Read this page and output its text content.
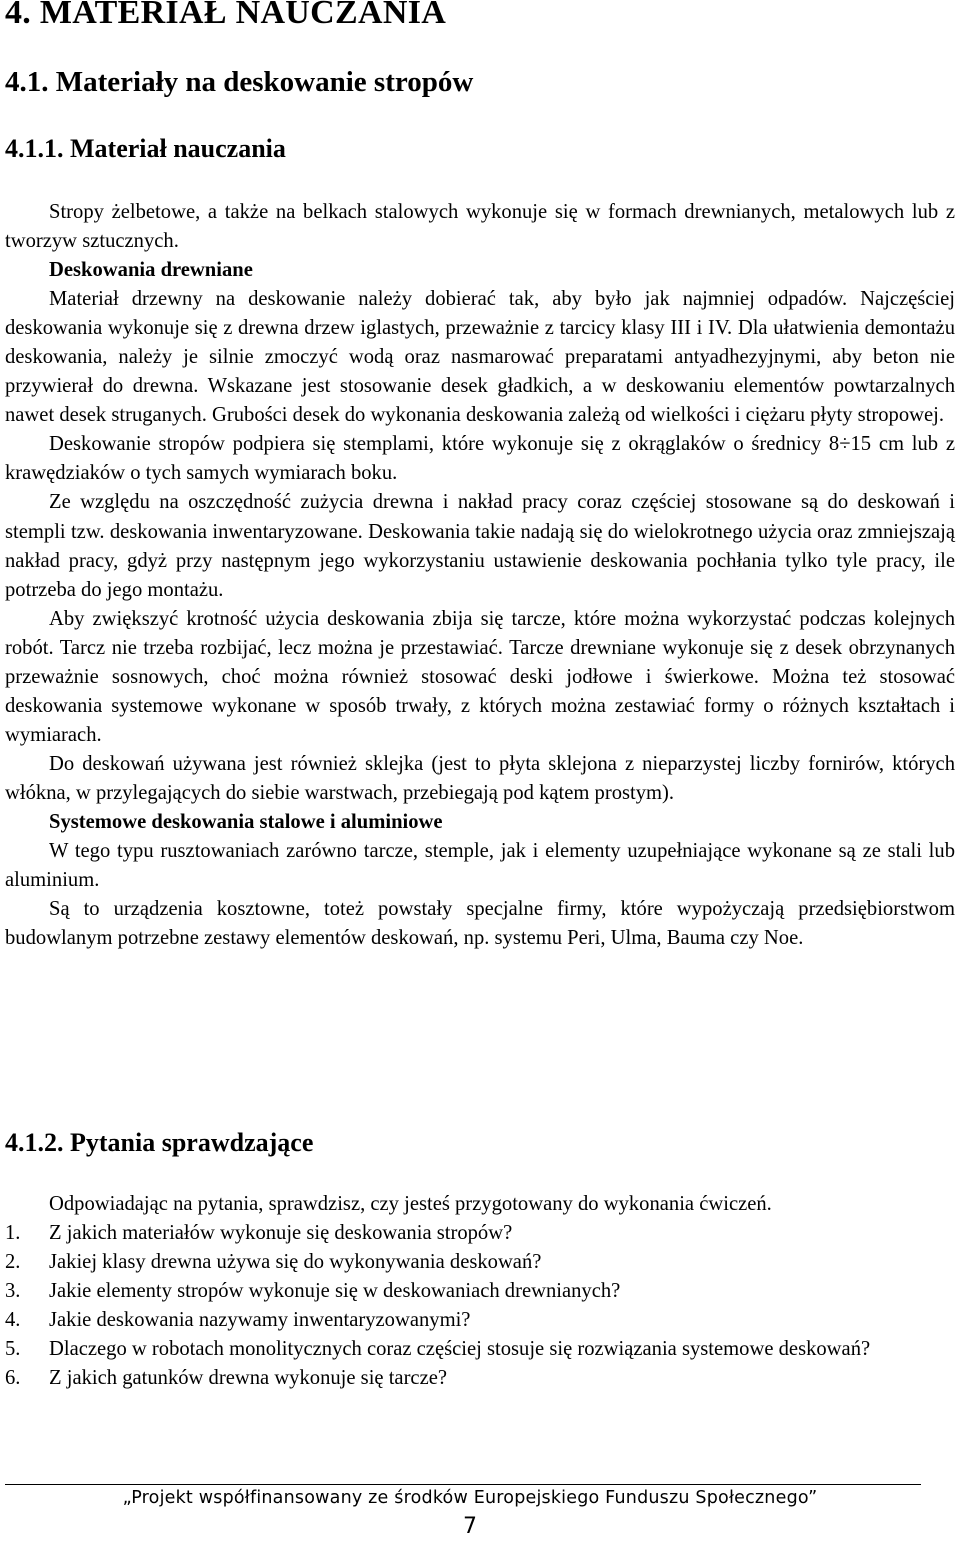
4. MATERIAŁ NAUCZANIA
4.1. Materiały na deskowanie stropów
4.1.1. Materiał nauczania

Stropy żelbetowe, a także na belkach stalowych wykonuje się w formach drewnianych, metalowych lub z tworzyw sztucznych.

Deskowania drewniane

Materiał drzewny na deskowanie należy dobierać tak, aby było jak najmniej odpadów. Najczęściej deskowania wykonuje się z drewna drzew iglastych, przeważnie z tarcicy klasy III i IV. Dla ułatwienia demontażu deskowania, należy je silnie zmoczyć wodą oraz nasmarować preparatami antyadhezyjnymi, aby beton nie przywierał do drewna. Wskazane jest stosowanie desek gładkich, a w deskowaniu elementów powtarzalnych nawet desek struganych. Grubości desek do wykonania deskowania zależą od wielkości i ciężaru płyty stropowej.

Deskowanie stropów podpiera się stemplami, które wykonuje się z okrąglaków o średnicy 8÷15 cm lub z krawędziaków o tych samych wymiarach boku.

Ze względu na oszczędność zużycia drewna i nakład pracy coraz częściej stosowane są do deskowań i stempli tzw. deskowania inwentaryzowane. Deskowania takie nadają się do wielokrotnego użycia oraz zmniejszają nakład pracy, gdyż przy następnym jego wykorzystaniu ustawienie deskowania pochłania tylko tyle pracy, ile potrzeba do jego montażu.

Aby zwiększyć krotność użycia deskowania zbija się tarcze, które można wykorzystać podczas kolejnych robót. Tarcz nie trzeba rozbijać, lecz można je przestawiać. Tarcze drewniane wykonuje się z desek obrzynanych przeważnie sosnowych, choć można również stosować deski jodłowe i świerkowe. Można też stosować deskowania systemowe wykonane w sposób trwały, z których można zestawiać formy o różnych kształtach i wymiarach.

Do deskowań używana jest również sklejka (jest to płyta sklejona z nieparzystej liczby fornirów, których włókna, w przylegających do siebie warstwach, przebiegają pod kątem prostym).

Systemowe deskowania stalowe i aluminiowe

W tego typu rusztowaniach zarówno tarcze, stemple, jak i elementy uzupełniające wykonane są ze stali lub aluminium.

Są to urządzenia kosztowne, toteż powstały specjalne firmy, które wypożyczają przedsiębiorstwom budowlanym potrzebne zestawy elementów deskowań, np. systemu Peri, Ulma, Bauma czy Noe.

4.1.2. Pytania sprawdzające
Odpowiadając na pytania, sprawdzisz, czy jesteś przygotowany do wykonania ćwiczeń.
1.	Z jakich materiałów wykonuje się deskowania stropów?
2.	Jakiej klasy drewna używa się do wykonywania deskowań?
3.	Jakie elementy stropów wykonuje się w deskowaniach drewnianych?
4.	Jakie deskowania nazywamy inwentaryzowanymi?
5.	Dlaczego w robotach monolitycznych coraz częściej stosuje się rozwiązania systemowe deskowań?
6.	Z jakich gatunków drewna wykonuje się tarcze?
„Projekt współfinansowany ze środków Europejskiego Funduszu Społecznego”
7
